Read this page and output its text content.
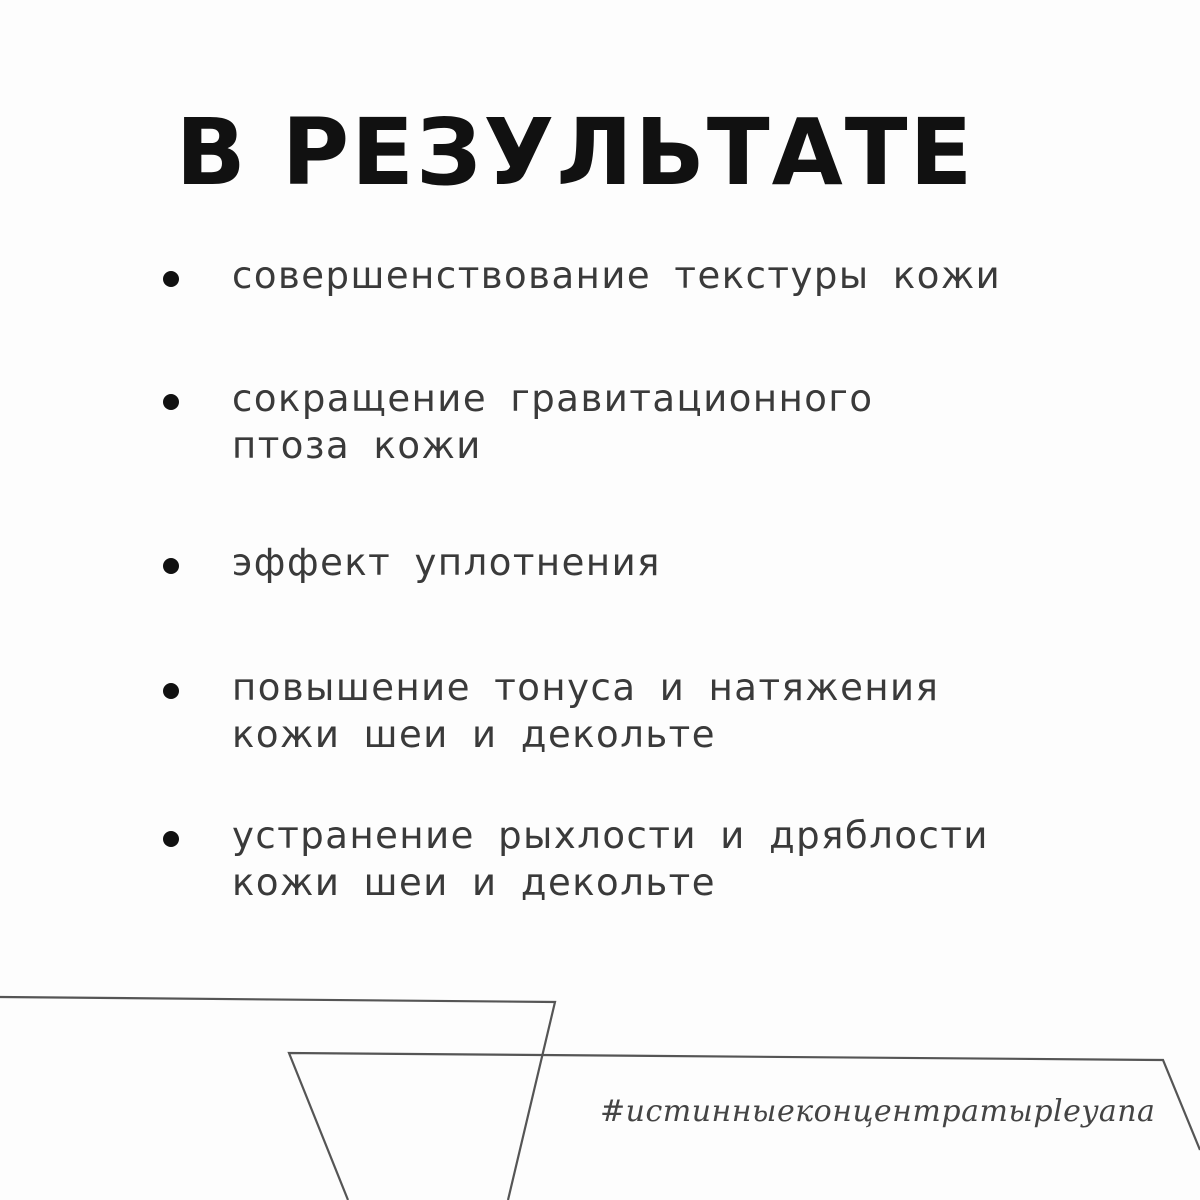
В РЕЗУЛЬТАТЕ
совершенствование текстуры кожи
сокращение гравитационного
птоза кожи
эффект уплотнения
повышение тонуса и натяжения
кожи шеи и декольте
устранение рыхлости и дряблости
кожи шеи и декольте
#истинныеконцентратыpleyana
